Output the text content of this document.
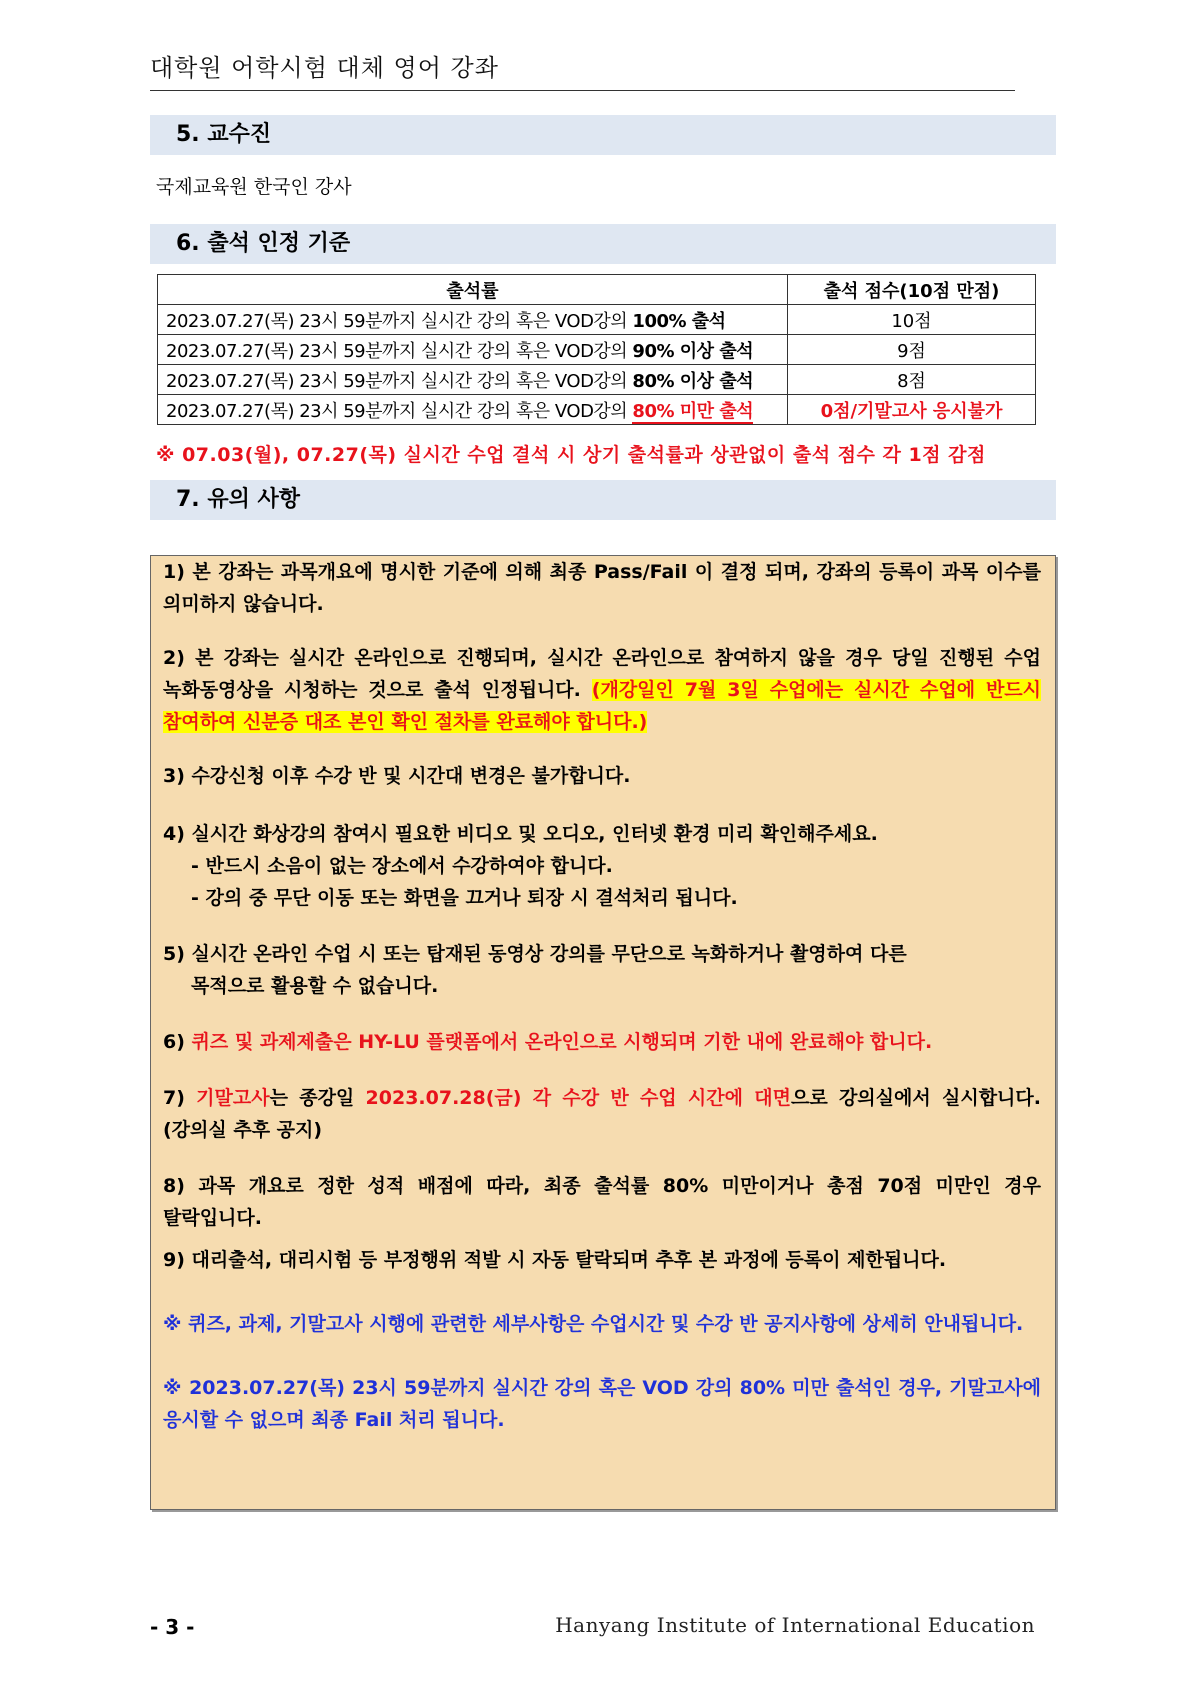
대학원 어학시험 대체 영어 강좌
5. 교수진
국제교육원 한국인 강사
6. 출석 인정 기준
출석률	출석 점수(10점 만점)
2023.07.27(목) 23시 59분까지 실시간 강의 혹은 VOD강의 100% 출석	10점
2023.07.27(목) 23시 59분까지 실시간 강의 혹은 VOD강의 90% 이상 출석	9점
2023.07.27(목) 23시 59분까지 실시간 강의 혹은 VOD강의 80% 이상 출석	8점
2023.07.27(목) 23시 59분까지 실시간 강의 혹은 VOD강의 80% 미만 출석	0점/기말고사 응시불가
※ 07.03(월), 07.27(목) 실시간 수업 결석 시 상기 출석률과 상관없이 출석 점수 각 1점 감점
7. 유의 사항
1) 본 강좌는 과목개요에 명시한 기준에 의해 최종 Pass/Fail 이 결정 되며, 강좌의 등록이 과목 이수를 의미하지 않습니다.
2) 본 강좌는 실시간 온라인으로 진행되며, 실시간 온라인으로 참여하지 않을 경우 당일 진행된 수업 녹화동영상을 시청하는 것으로 출석 인정됩니다. (개강일인 7월 3일 수업에는 실시간 수업에 반드시 참여하여 신분증 대조 본인 확인 절차를 완료해야 합니다.)
3) 수강신청 이후 수강 반 및 시간대 변경은 불가합니다.
4) 실시간 화상강의 참여시 필요한 비디오 및 오디오, 인터넷 환경 미리 확인해주세요.
- 반드시 소음이 없는 장소에서 수강하여야 합니다.
- 강의 중 무단 이동 또는 화면을 끄거나 퇴장 시 결석처리 됩니다.
5) 실시간 온라인 수업 시 또는 탑재된 동영상 강의를 무단으로 녹화하거나 촬영하여 다른
목적으로 활용할 수 없습니다.
6) 퀴즈 및 과제제출은 HY-LU 플랫폼에서 온라인으로 시행되며 기한 내에 완료해야 합니다.
7) 기말고사는 종강일 2023.07.28(금) 각 수강 반 수업 시간에 대면으로 강의실에서 실시합니다. (강의실 추후 공지)
8) 과목 개요로 정한 성적 배점에 따라, 최종 출석률 80% 미만이거나 총점 70점 미만인 경우 탈락입니다.
9) 대리출석, 대리시험 등 부정행위 적발 시 자동 탈락되며 추후 본 과정에 등록이 제한됩니다.
※ 퀴즈, 과제, 기말고사 시행에 관련한 세부사항은 수업시간 및 수강 반 공지사항에 상세히 안내됩니다.
※ 2023.07.27(목) 23시 59분까지 실시간 강의 혹은 VOD 강의 80% 미만 출석인 경우, 기말고사에 응시할 수 없으며 최종 Fail 처리 됩니다.
- 3 -	Hanyang Institute of International Education
